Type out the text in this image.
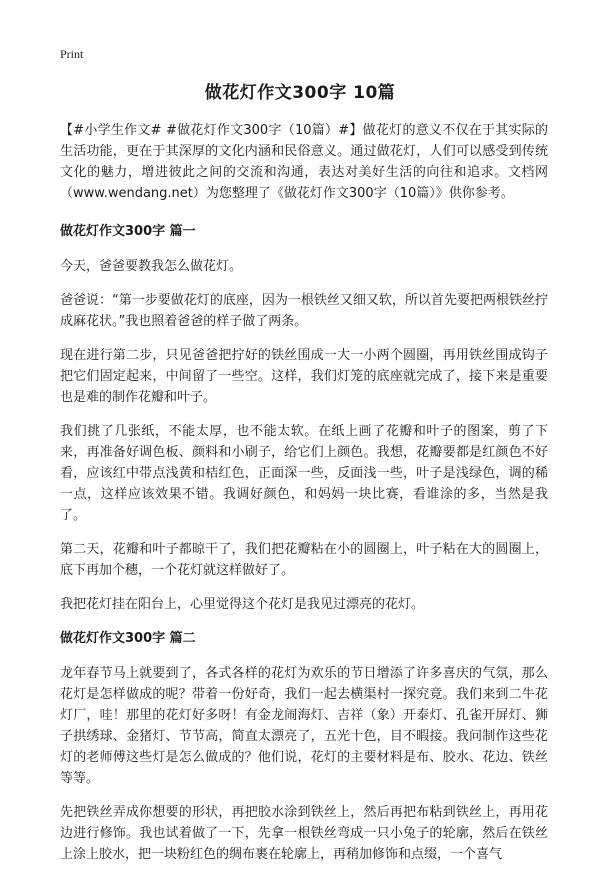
Print
做花灯作文300字 10篇

【#小学生作文# #做花灯作文300字（10篇）#】做花灯的意义不仅在于其实际的生活功能，更在于其深厚的文化内涵和民俗意义。通过做花灯，人们可以感受到传统文化的魅力，增进彼此之间的交流和沟通，表达对美好生活的向往和追求。文档网（www.wendang.net）为您整理了《做花灯作文300字（10篇）》供你参考。

做花灯作文300字 篇一

今天，爸爸要教我怎么做花灯。

爸爸说：“第一步要做花灯的底座，因为一根铁丝又细又软，所以首先要把两根铁丝拧成麻花状。”我也照着爸爸的样子做了两条。

现在进行第二步，只见爸爸把拧好的铁丝围成一大一小两个圆圈，再用铁丝围成钩子把它们固定起来，中间留了一些空。这样，我们灯笼的底座就完成了，接下来是重要也是难的制作花瓣和叶子。

我们挑了几张纸，不能太厚，也不能太软。在纸上画了花瓣和叶子的图案，剪了下来，再准备好调色板、颜料和小刷子，给它们上颜色。我想，花瓣要都是红颜色不好看，应该红中带点浅黄和桔红色，正面深一些，反面浅一些，叶子是浅绿色，调的稀一点，这样应该效果不错。我调好颜色，和妈妈一块比赛，看谁涂的多，当然是我了。

第二天，花瓣和叶子都晾干了，我们把花瓣粘在小的圆圈上，叶子粘在大的圆圈上，底下再加个穗，一个花灯就这样做好了。

我把花灯挂在阳台上，心里觉得这个花灯是我见过漂亮的花灯。

做花灯作文300字 篇二

龙年春节马上就要到了，各式各样的花灯为欢乐的节日增添了许多喜庆的气氛，那么花灯是怎样做成的呢？带着一份好奇，我们一起去横渠村一探究竟。我们来到二牛花灯厂，哇！那里的花灯好多呀！有金龙闹海灯、吉祥（象）开泰灯、孔雀开屏灯、狮子拱绣球、金猪灯、节节高，简直太漂亮了，五光十色，目不暇接。我问制作这些花灯的老师傅这些灯是怎么做成的？他们说，花灯的主要材料是布、胶水、花边、铁丝等等。

先把铁丝弄成你想要的形状，再把胶水涂到铁丝上，然后再把布粘到铁丝上，再用花边进行修饰。我也试着做了一下，先拿一根铁丝弯成一只小兔子的轮廓，然后在铁丝上涂上胶水，把一块粉红色的绸布裹在轮廓上，再稍加修饰和点缀，一个喜气
